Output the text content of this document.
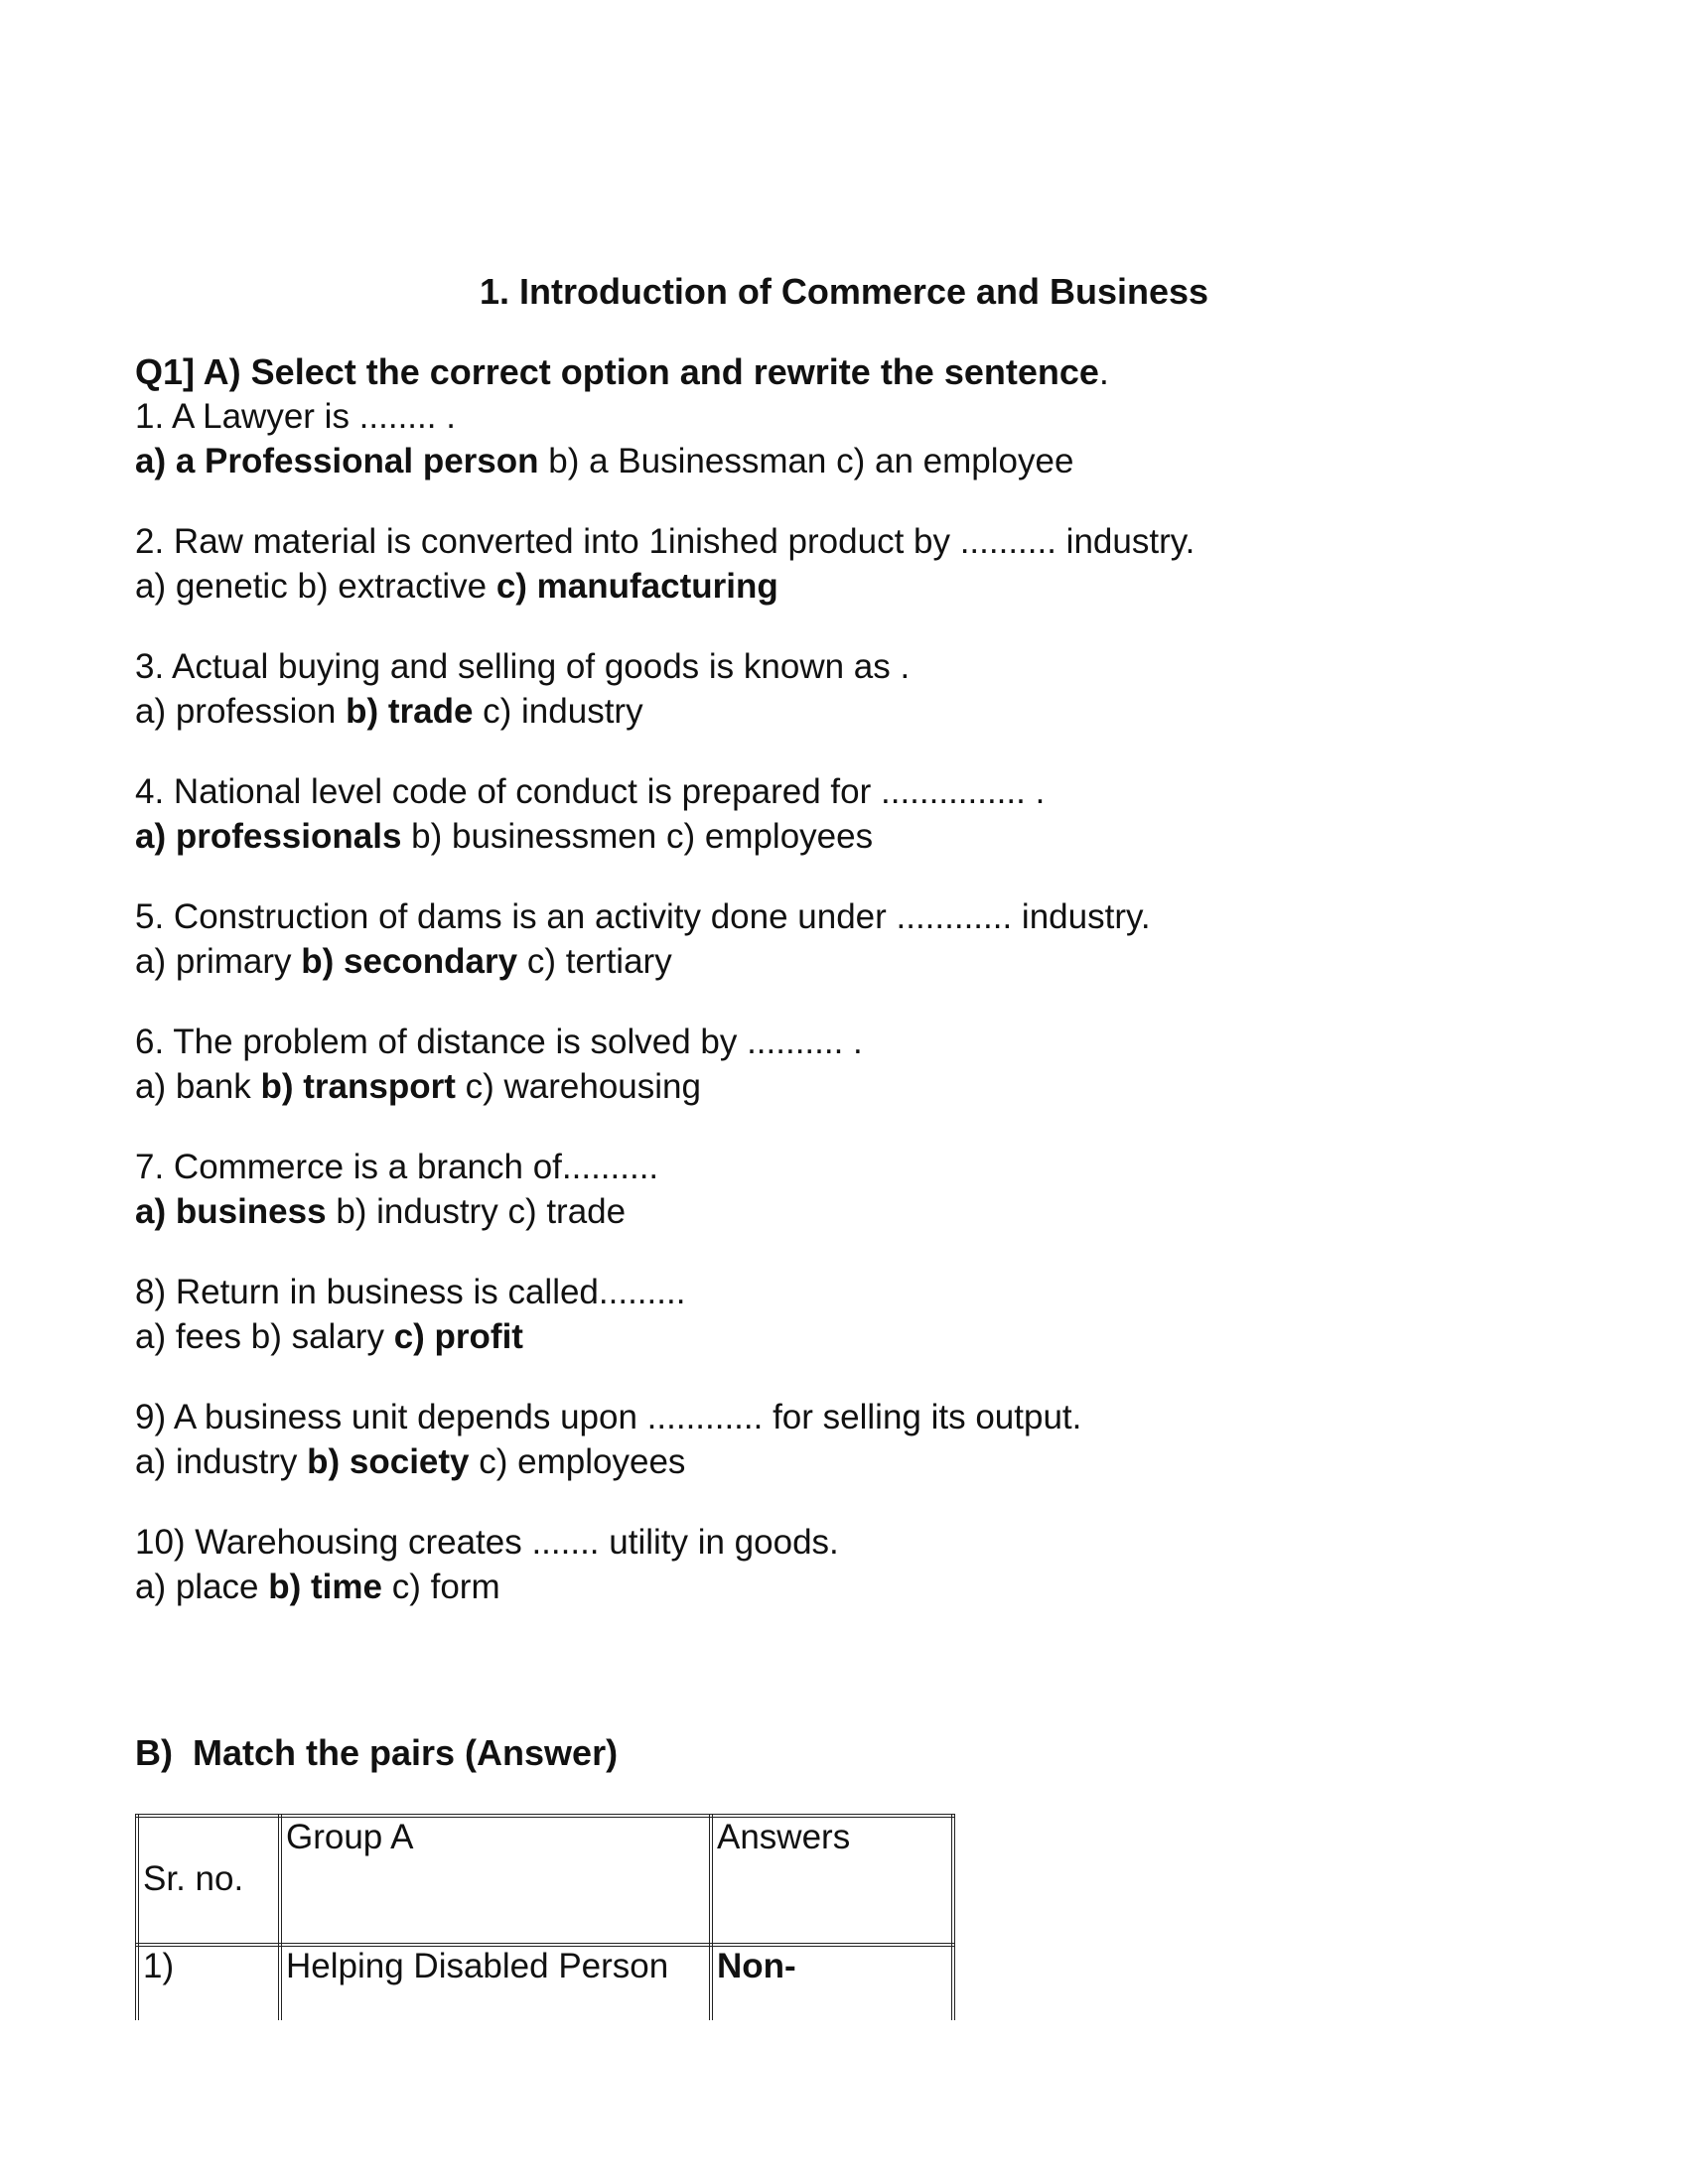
1. Introduction of Commerce and Business
Q1] A) Select the correct option and rewrite the sentence.
1. A Lawyer is ........ .
a) a Professional person b) a Businessman c) an employee
2. Raw material is converted into 1inished product by .......... industry.
a) genetic b) extractive c) manufacturing
3. Actual buying and selling of goods is known as .
a) profession b) trade c) industry
4. National level code of conduct is prepared for ............... .
a) professionals b) businessmen c) employees
5. Construction of dams is an activity done under ............ industry.
a) primary b) secondary c) tertiary
6. The problem of distance is solved by .......... .
a) bank b) transport c) warehousing
7. Commerce is a branch of..........
a) business b) industry c) trade
8) Return in business is called.........
a) fees b) salary c) profit
9) A business unit depends upon ............ for selling its output.
a) industry b) society c) employees
10) Warehousing creates ....... utility in goods.
a) place b) time c) form
B)  Match the pairs (Answer)
Sr. no.	Group A	Answers
1)	Helping Disabled Person	Non-
